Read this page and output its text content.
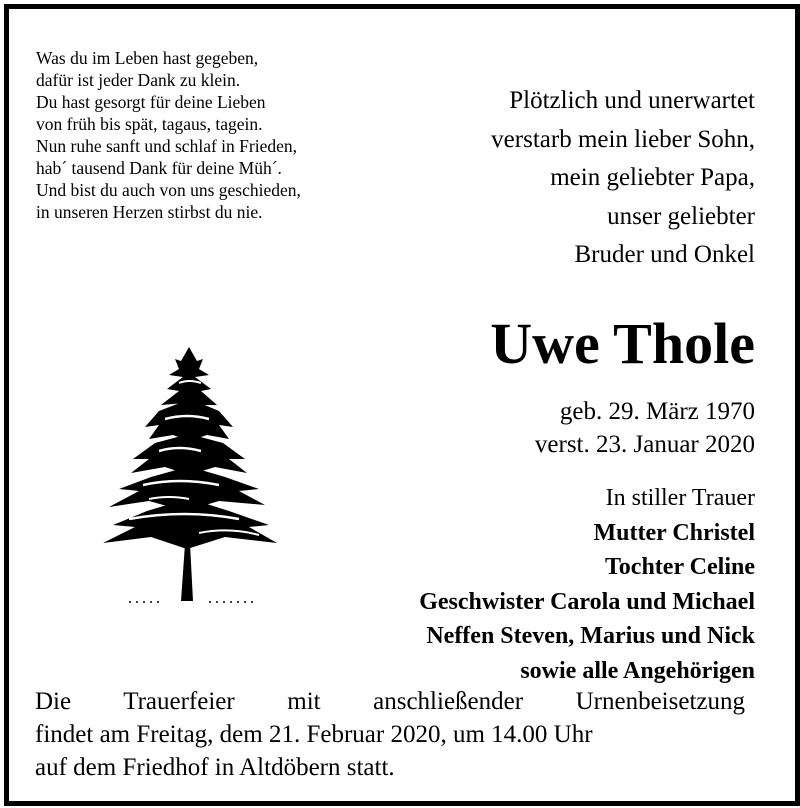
Was du im Leben hast gegeben,
dafür ist jeder Dank zu klein.
Du hast gesorgt für deine Lieben
von früh bis spät, tagaus, tagein.
Nun ruhe sanft und schlaf in Frieden,
hab´ tausend Dank für deine Müh´.
Und bist du auch von uns geschieden,
in unseren Herzen stirbst du nie.
Plötzlich und unerwartet
verstarb mein lieber Sohn,
mein geliebter Papa,
unser geliebter
Bruder und Onkel
Uwe Thole
geb. 29. März 1970
verst. 23. Januar 2020
In stiller Trauer
Mutter Christel
Tochter Celine
Geschwister Carola und Michael
Neffen Steven, Marius und Nick
sowie alle Angehörigen
Die Trauerfeier mit anschließender Urnenbeisetzung
findet am Freitag, dem 21. Februar 2020, um 14.00 Uhr
auf dem Friedhof in Altdöbern statt.
